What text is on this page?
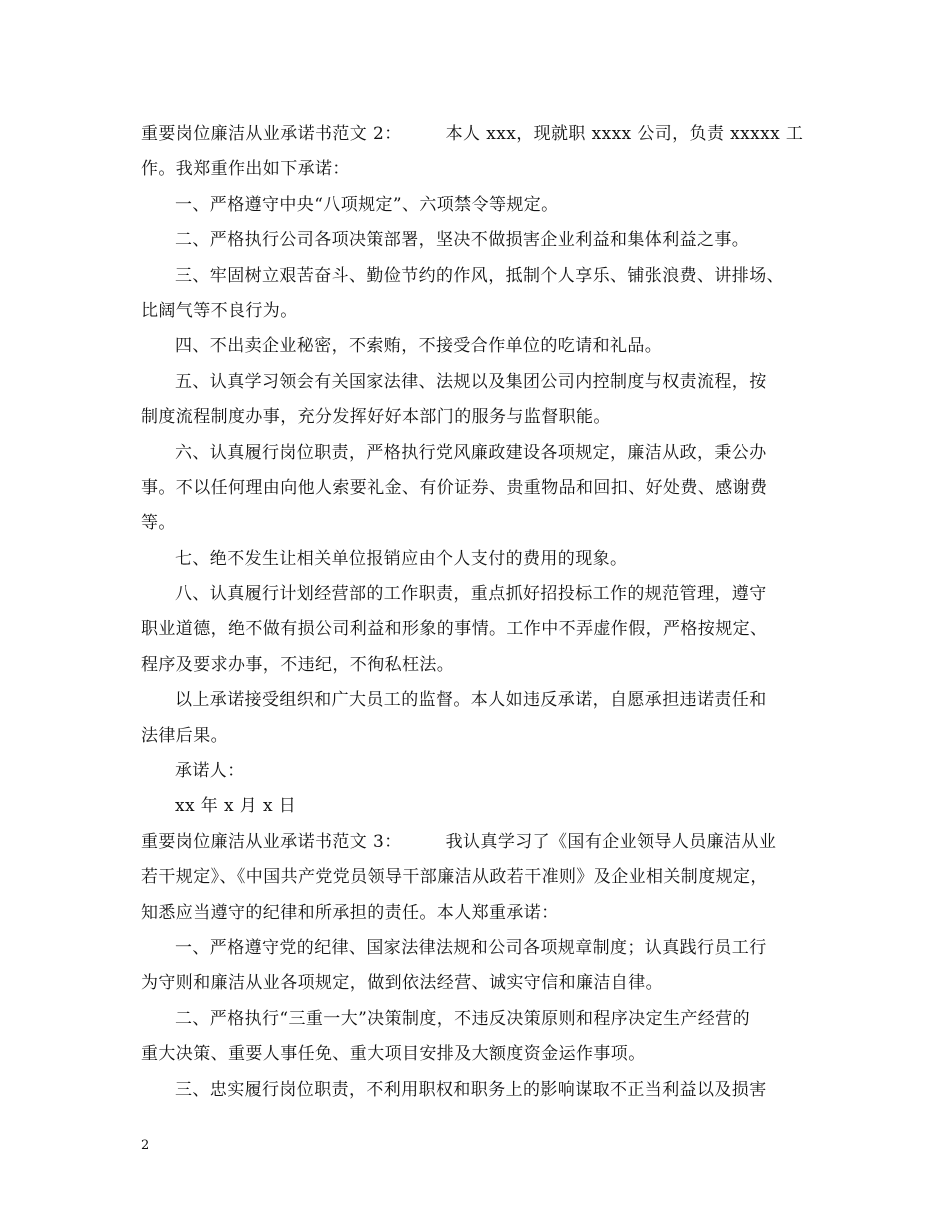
重要岗位廉洁从业承诺书范文 2：	本人 xxx，现就职 xxxx 公司，负责 xxxxx 工
作。我郑重作出如下承诺：
一、严格遵守中央“八项规定”、六项禁令等规定。
二、严格执行公司各项决策部署，坚决不做损害企业利益和集体利益之事。
三、牢固树立艰苦奋斗、勤俭节约的作风，抵制个人享乐、铺张浪费、讲排场、
比阔气等不良行为。
四、不出卖企业秘密，不索贿，不接受合作单位的吃请和礼品。
五、认真学习领会有关国家法律、法规以及集团公司内控制度与权责流程，按
制度流程制度办事，充分发挥好好本部门的服务与监督职能。
六、认真履行岗位职责，严格执行党风廉政建设各项规定，廉洁从政，秉公办
事。不以任何理由向他人索要礼金、有价证券、贵重物品和回扣、好处费、感谢费
等。
七、绝不发生让相关单位报销应由个人支付的费用的现象。
八、认真履行计划经营部的工作职责，重点抓好招投标工作的规范管理，遵守
职业道德，绝不做有损公司利益和形象的事情。工作中不弄虚作假，严格按规定、
程序及要求办事，不违纪，不徇私枉法。
以上承诺接受组织和广大员工的监督。本人如违反承诺，自愿承担违诺责任和
法律后果。
承诺人：
xx 年 x 月 x 日
重要岗位廉洁从业承诺书范文 3：	我认真学习了《国有企业领导人员廉洁从业
若干规定》、《中国共产党党员领导干部廉洁从政若干准则》及企业相关制度规定，
知悉应当遵守的纪律和所承担的责任。本人郑重承诺：
一、严格遵守党的纪律、国家法律法规和公司各项规章制度；认真践行员工行
为守则和廉洁从业各项规定，做到依法经营、诚实守信和廉洁自律。
二、严格执行“三重一大”决策制度，不违反决策原则和程序决定生产经营的
重大决策、重要人事任免、重大项目安排及大额度资金运作事项。
三、忠实履行岗位职责，不利用职权和职务上的影响谋取不正当利益以及损害
2
